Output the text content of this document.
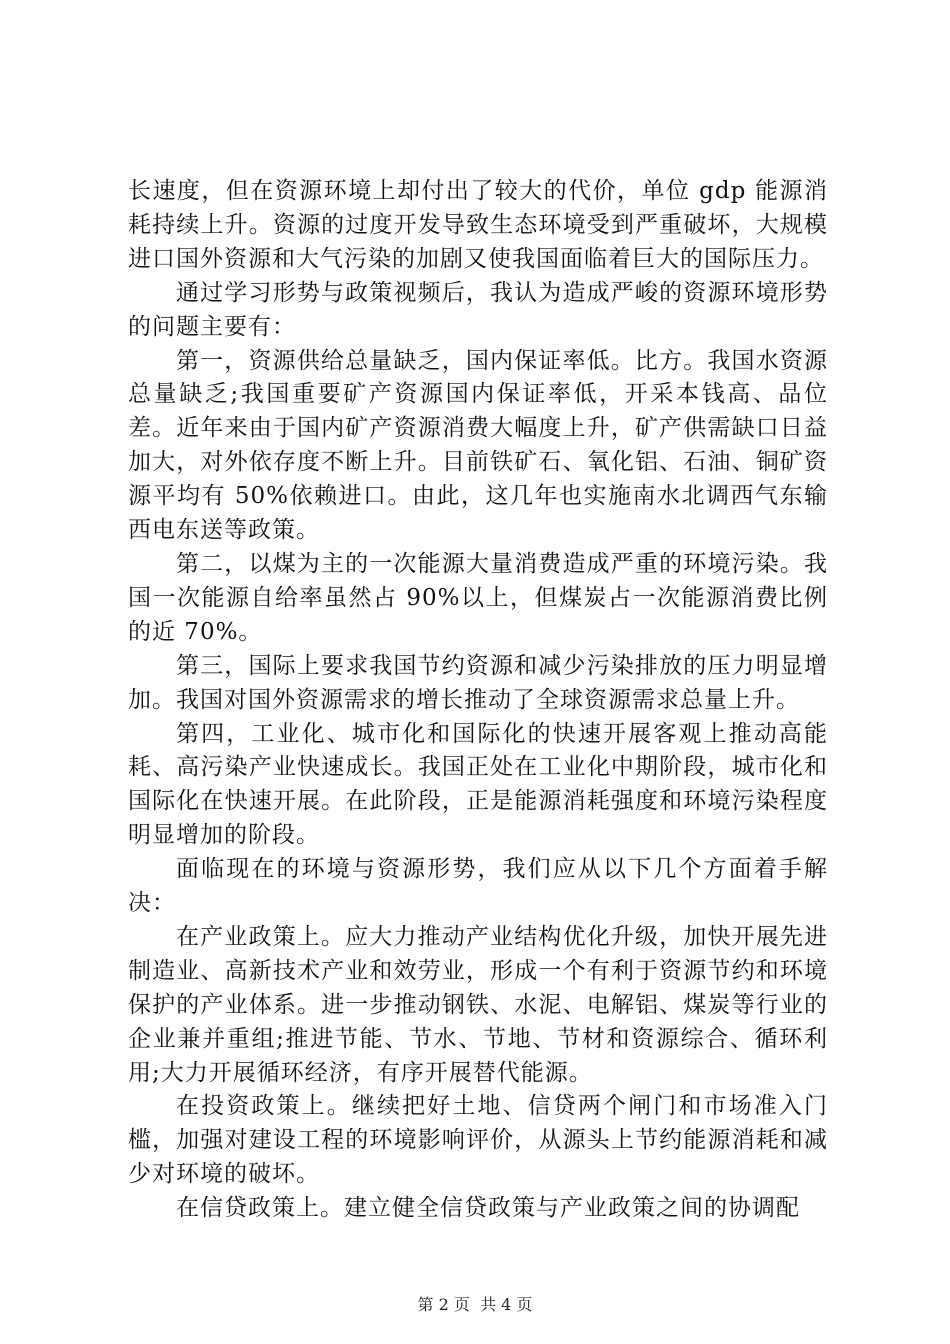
长速度，但在资源环境上却付出了较大的代价，单位 gdp 能源消耗持续上升。资源的过度开发导致生态环境受到严重破坏，大规模进口国外资源和大气污染的加剧又使我国面临着巨大的国际压力。

通过学习形势与政策视频后，我认为造成严峻的资源环境形势的问题主要有：

第一，资源供给总量缺乏，国内保证率低。比方。我国水资源总量缺乏;我国重要矿产资源国内保证率低，开采本钱高、品位差。近年来由于国内矿产资源消费大幅度上升，矿产供需缺口日益加大，对外依存度不断上升。目前铁矿石、氧化铝、石油、铜矿资源平均有 50%依赖进口。由此，这几年也实施南水北调西气东输西电东送等政策。

第二，以煤为主的一次能源大量消费造成严重的环境污染。我国一次能源自给率虽然占 90%以上，但煤炭占一次能源消费比例的近 70%。

第三，国际上要求我国节约资源和减少污染排放的压力明显增加。我国对国外资源需求的增长推动了全球资源需求总量上升。

第四，工业化、城市化和国际化的快速开展客观上推动高能耗、高污染产业快速成长。我国正处在工业化中期阶段，城市化和国际化在快速开展。在此阶段，正是能源消耗强度和环境污染程度明显增加的阶段。

面临现在的环境与资源形势，我们应从以下几个方面着手解决：

在产业政策上。应大力推动产业结构优化升级，加快开展先进制造业、高新技术产业和效劳业，形成一个有利于资源节约和环境保护的产业体系。进一步推动钢铁、水泥、电解铝、煤炭等行业的企业兼并重组;推进节能、节水、节地、节材和资源综合、循环利用;大力开展循环经济，有序开展替代能源。

在投资政策上。继续把好土地、信贷两个闸门和市场准入门槛，加强对建设工程的环境影响评价，从源头上节约能源消耗和减少对环境的破坏。

在信贷政策上。建立健全信贷政策与产业政策之间的协调配

第 2 页  共 4 页
